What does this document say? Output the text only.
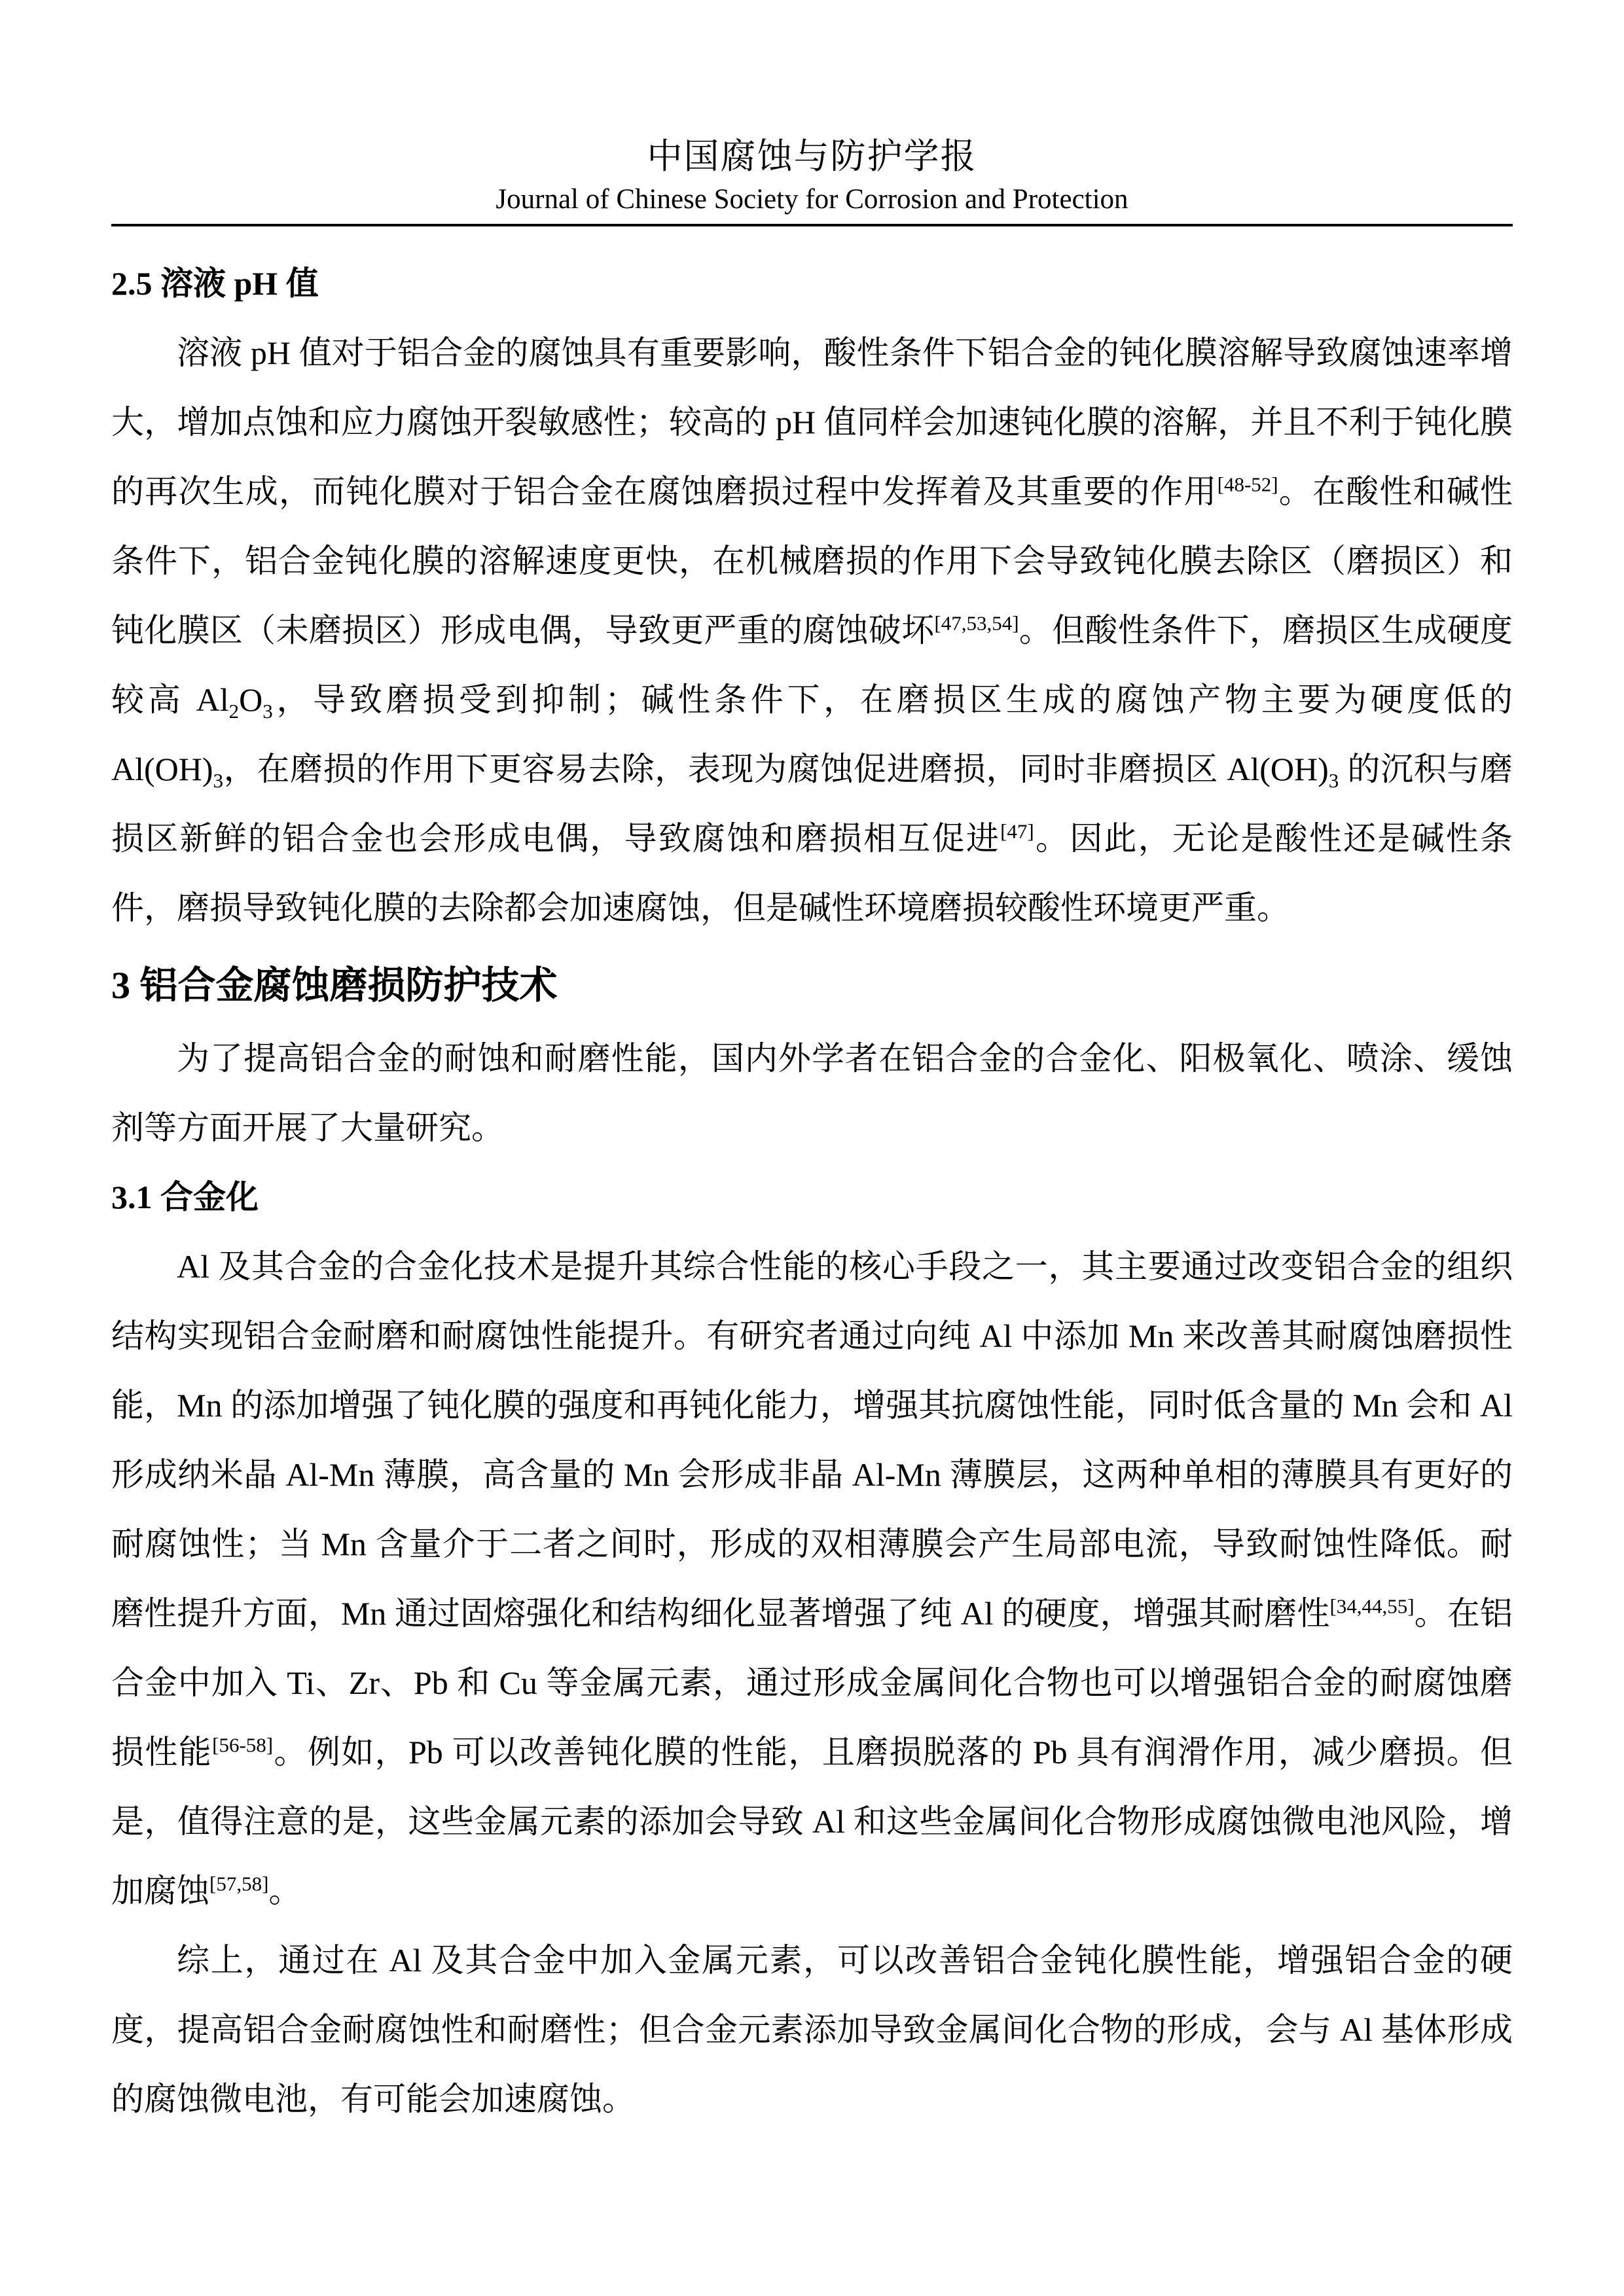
中国腐蚀与防护学报
Journal of Chinese Society for Corrosion and Protection
2.5 溶液 pH 值

溶液 pH 值对于铝合金的腐蚀具有重要影响，酸性条件下铝合金的钝化膜溶解导致腐蚀速率增大，增加点蚀和应力腐蚀开裂敏感性；较高的 pH 值同样会加速钝化膜的溶解，并且不利于钝化膜的再次生成，而钝化膜对于铝合金在腐蚀磨损过程中发挥着及其重要的作用[48-52]。在酸性和碱性条件下，铝合金钝化膜的溶解速度更快，在机械磨损的作用下会导致钝化膜去除区（磨损区）和钝化膜区（未磨损区）形成电偶，导致更严重的腐蚀破坏[47,53,54]。但酸性条件下，磨损区生成硬度较高 $Al_2O_3$，导致磨损受到抑制；碱性条件下，在磨损区生成的腐蚀产物主要为硬度低的 $Al(OH)_3$，在磨损的作用下更容易去除，表现为腐蚀促进磨损，同时非磨损区 $Al(OH)_3$ 的沉积与磨损区新鲜的铝合金也会形成电偶，导致腐蚀和磨损相互促进[47]。因此，无论是酸性还是碱性条件，磨损导致钝化膜的去除都会加速腐蚀，但是碱性环境磨损较酸性环境更严重。

3 铝合金腐蚀磨损防护技术

为了提高铝合金的耐蚀和耐磨性能，国内外学者在铝合金的合金化、阳极氧化、喷涂、缓蚀剂等方面开展了大量研究。

3.1 合金化

Al 及其合金的合金化技术是提升其综合性能的核心手段之一，其主要通过改变铝合金的组织结构实现铝合金耐磨和耐腐蚀性能提升。有研究者通过向纯 Al 中添加 Mn 来改善其耐腐蚀磨损性能，Mn 的添加增强了钝化膜的强度和再钝化能力，增强其抗腐蚀性能，同时低含量的 Mn 会和 Al 形成纳米晶 Al-Mn 薄膜，高含量的 Mn 会形成非晶 Al-Mn 薄膜层，这两种单相的薄膜具有更好的耐腐蚀性；当 Mn 含量介于二者之间时，形成的双相薄膜会产生局部电流，导致耐蚀性降低。耐磨性提升方面，Mn 通过固熔强化和结构细化显著增强了纯 Al 的硬度，增强其耐磨性[34,44,55]。在铝合金中加入 Ti、Zr、Pb 和 Cu 等金属元素，通过形成金属间化合物也可以增强铝合金的耐腐蚀磨损性能[56-58]。例如，Pb 可以改善钝化膜的性能，且磨损脱落的 Pb 具有润滑作用，减少磨损。但是，值得注意的是，这些金属元素的添加会导致 Al 和这些金属间化合物形成腐蚀微电池风险，增加腐蚀[57,58]。

综上，通过在 Al 及其合金中加入金属元素，可以改善铝合金钝化膜性能，增强铝合金的硬度，提高铝合金耐腐蚀性和耐磨性；但合金元素添加导致金属间化合物的形成，会与 Al 基体形成的腐蚀微电池，有可能会加速腐蚀。
